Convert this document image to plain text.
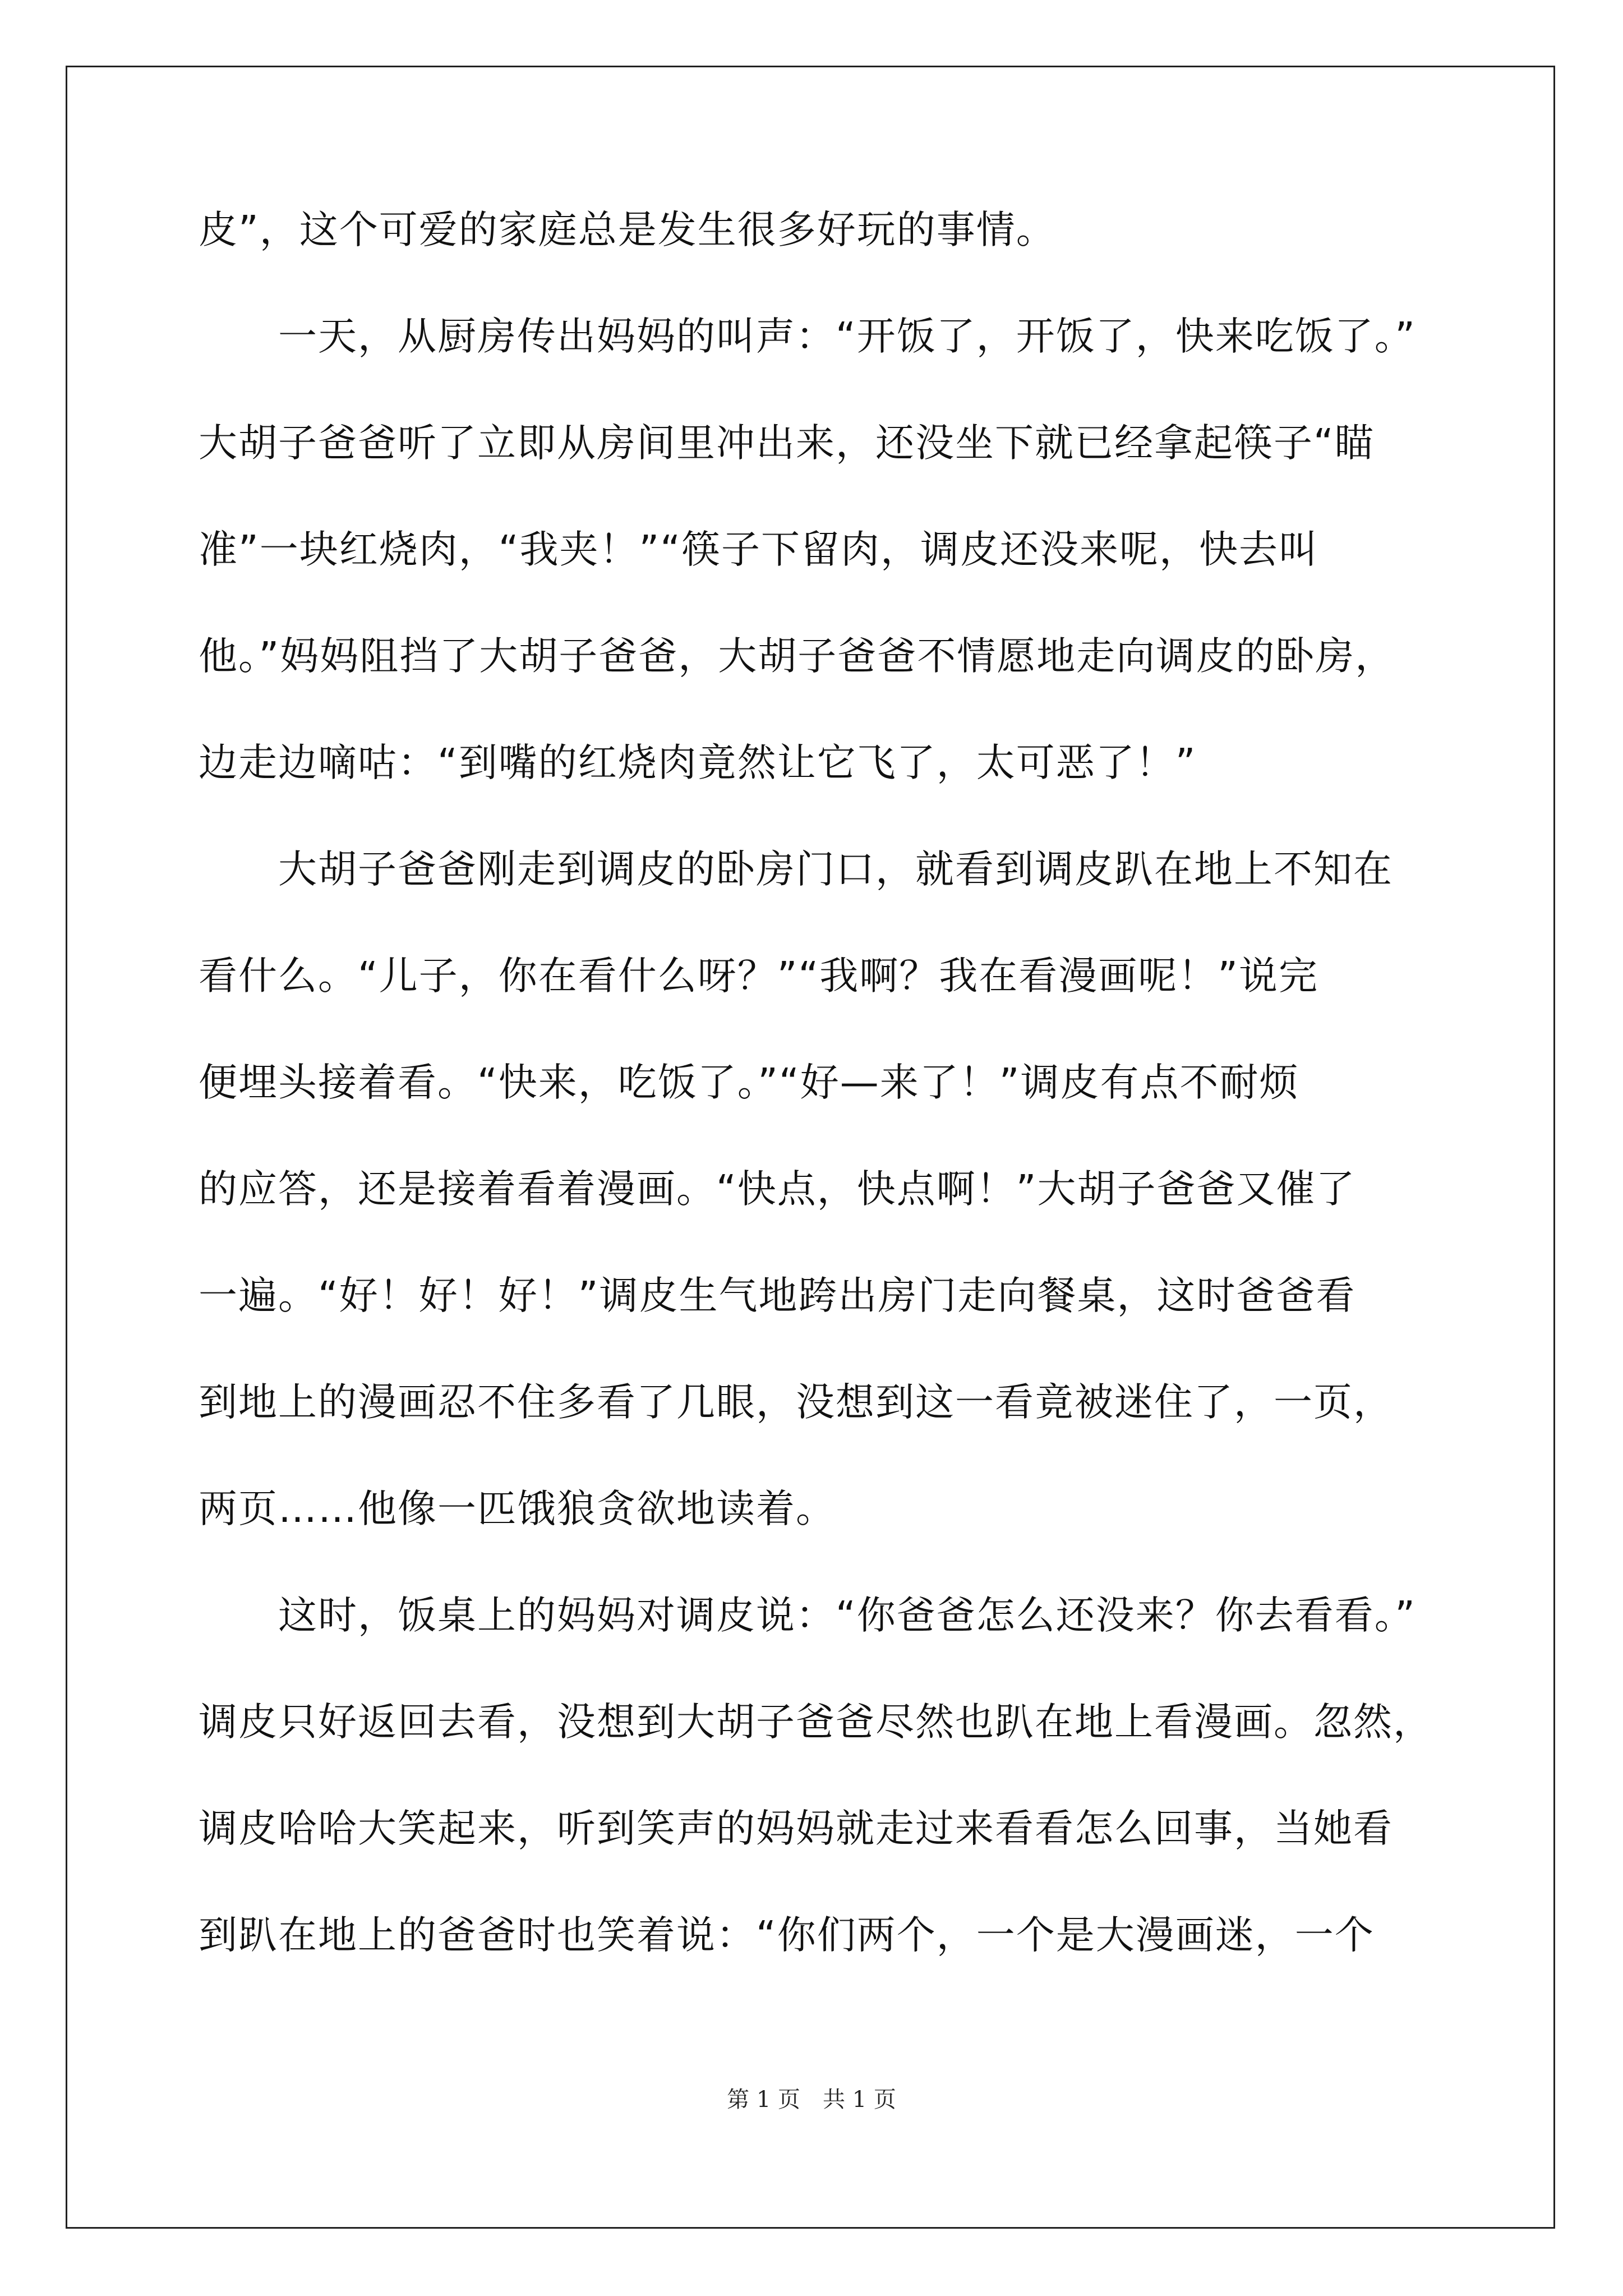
皮”，这个可爱的家庭总是发生很多好玩的事情。
　　一天，从厨房传出妈妈的叫声：“开饭了，开饭了，快来吃饭了。”
大胡子爸爸听了立即从房间里冲出来，还没坐下就已经拿起筷子“瞄
准”一块红烧肉，“我夹！”“筷子下留肉，调皮还没来呢，快去叫
他。”妈妈阻挡了大胡子爸爸，大胡子爸爸不情愿地走向调皮的卧房，
边走边嘀咕：“到嘴的红烧肉竟然让它飞了，太可恶了！”
　　大胡子爸爸刚走到调皮的卧房门口，就看到调皮趴在地上不知在
看什么。“儿子，你在看什么呀？”“我啊？我在看漫画呢！”说完
便埋头接着看。“快来，吃饭了。”“好—来了！”调皮有点不耐烦
的应答，还是接着看着漫画。“快点，快点啊！”大胡子爸爸又催了
一遍。“好！好！好！”调皮生气地跨出房门走向餐桌，这时爸爸看
到地上的漫画忍不住多看了几眼，没想到这一看竟被迷住了，一页，
两页……他像一匹饿狼贪欲地读着。
　　这时，饭桌上的妈妈对调皮说：“你爸爸怎么还没来？你去看看。”
调皮只好返回去看，没想到大胡子爸爸尽然也趴在地上看漫画。忽然，
调皮哈哈大笑起来，听到笑声的妈妈就走过来看看怎么回事，当她看
到趴在地上的爸爸时也笑着说：“你们两个，一个是大漫画迷，一个
第 1 页　共 1 页
